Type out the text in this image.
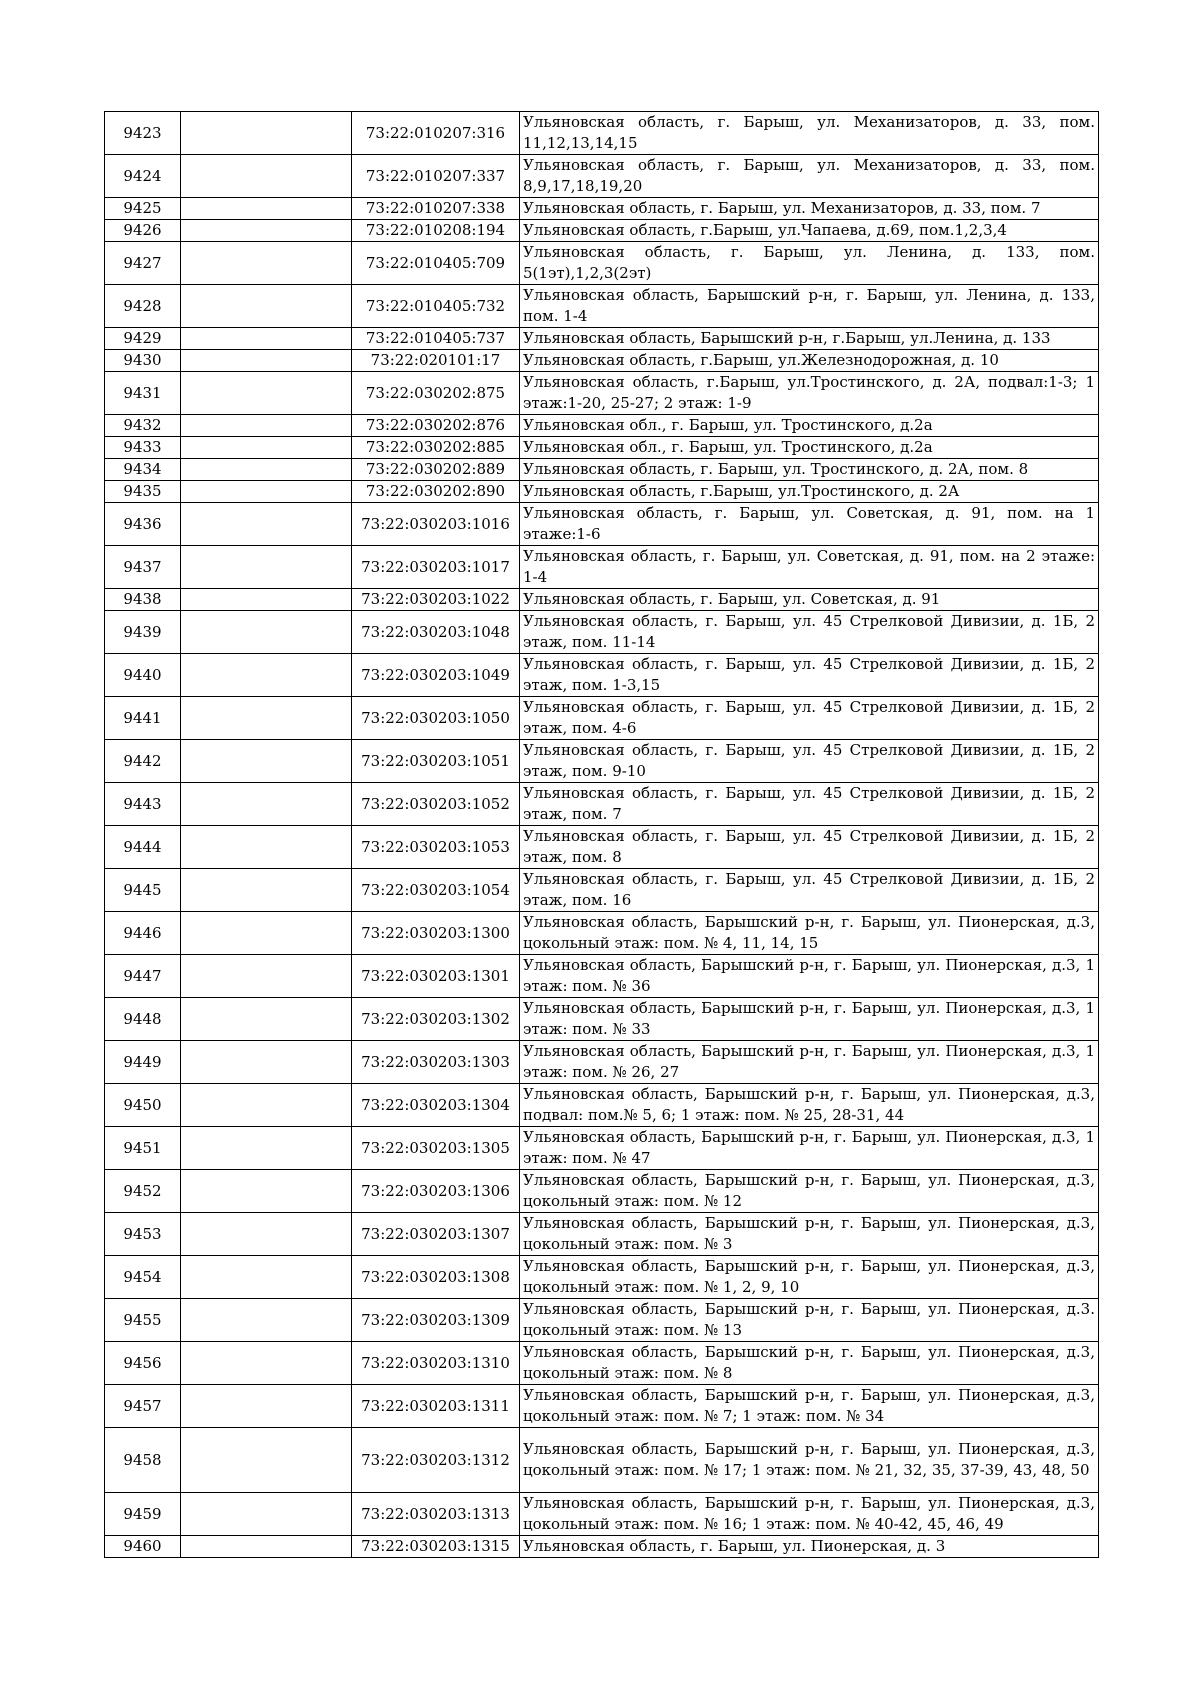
9423		73:22:010207:316	Ульяновская область, г. Барыш, ул. Механизаторов, д. 33, пом. 11,12,13,14,15
9424		73:22:010207:337	Ульяновская область, г. Барыш, ул. Механизаторов, д. 33, пом. 8,9,17,18,19,20
9425		73:22:010207:338	Ульяновская область, г. Барыш, ул. Механизаторов, д. 33, пом. 7
9426		73:22:010208:194	Ульяновская область, г.Барыш, ул.Чапаева, д.69, пом.1,2,3,4
9427		73:22:010405:709	Ульяновская область, г. Барыш, ул. Ленина, д. 133, пом. 5(1эт),1,2,3(2эт)
9428		73:22:010405:732	Ульяновская область, Барышский р-н, г. Барыш, ул. Ленина, д. 133, пом. 1-4
9429		73:22:010405:737	Ульяновская область, Барышский р-н, г.Барыш, ул.Ленина, д. 133
9430		73:22:020101:17	Ульяновская область, г.Барыш, ул.Железнодорожная, д. 10
9431		73:22:030202:875	Ульяновская область, г.Барыш, ул.Тростинского, д. 2А, подвал:1-3; 1 этаж:1-20, 25-27; 2 этаж: 1-9
9432		73:22:030202:876	Ульяновская обл., г. Барыш, ул. Тростинского, д.2а
9433		73:22:030202:885	Ульяновская обл., г. Барыш, ул. Тростинского, д.2а
9434		73:22:030202:889	Ульяновская область, г. Барыш, ул. Тростинского, д. 2А, пом. 8
9435		73:22:030202:890	Ульяновская область, г.Барыш, ул.Тростинского, д. 2А
9436		73:22:030203:1016	Ульяновская область, г. Барыш, ул. Советская, д. 91, пом. на 1 этаже:1-6
9437		73:22:030203:1017	Ульяновская область, г. Барыш, ул. Советская, д. 91, пом. на 2 этаже: 1-4
9438		73:22:030203:1022	Ульяновская область, г. Барыш, ул. Советская, д. 91
9439		73:22:030203:1048	Ульяновская область, г. Барыш, ул. 45 Стрелковой Дивизии, д. 1Б, 2 этаж, пом. 11-14
9440		73:22:030203:1049	Ульяновская область, г. Барыш, ул. 45 Стрелковой Дивизии, д. 1Б, 2 этаж, пом. 1-3,15
9441		73:22:030203:1050	Ульяновская область, г. Барыш, ул. 45 Стрелковой Дивизии, д. 1Б, 2 этаж, пом. 4-6
9442		73:22:030203:1051	Ульяновская область, г. Барыш, ул. 45 Стрелковой Дивизии, д. 1Б, 2 этаж, пом. 9-10
9443		73:22:030203:1052	Ульяновская область, г. Барыш, ул. 45 Стрелковой Дивизии, д. 1Б, 2 этаж, пом. 7
9444		73:22:030203:1053	Ульяновская область, г. Барыш, ул. 45 Стрелковой Дивизии, д. 1Б, 2 этаж, пом. 8
9445		73:22:030203:1054	Ульяновская область, г. Барыш, ул. 45 Стрелковой Дивизии, д. 1Б, 2 этаж, пом. 16
9446		73:22:030203:1300	Ульяновская область, Барышский р-н, г. Барыш, ул. Пионерская, д.3, цокольный этаж: пом. № 4, 11, 14, 15
9447		73:22:030203:1301	Ульяновская область, Барышский р-н, г. Барыш, ул. Пионерская, д.3, 1 этаж: пом. № 36
9448		73:22:030203:1302	Ульяновская область, Барышский р-н, г. Барыш, ул. Пионерская, д.3, 1 этаж: пом. № 33
9449		73:22:030203:1303	Ульяновская область, Барышский р-н, г. Барыш, ул. Пионерская, д.3, 1 этаж: пом. № 26, 27
9450		73:22:030203:1304	Ульяновская область, Барышский р-н, г. Барыш, ул. Пионерская, д.3, подвал: пом.№ 5, 6; 1 этаж: пом. № 25, 28-31, 44
9451		73:22:030203:1305	Ульяновская область, Барышский р-н, г. Барыш, ул. Пионерская, д.3, 1 этаж: пом. № 47
9452		73:22:030203:1306	Ульяновская область, Барышский р-н, г. Барыш, ул. Пионерская, д.3, цокольный этаж: пом. № 12
9453		73:22:030203:1307	Ульяновская область, Барышский р-н, г. Барыш, ул. Пионерская, д.3, цокольный этаж: пом. № 3
9454		73:22:030203:1308	Ульяновская область, Барышский р-н, г. Барыш, ул. Пионерская, д.3, цокольный этаж: пом. № 1, 2, 9, 10
9455		73:22:030203:1309	Ульяновская область, Барышский р-н, г. Барыш, ул. Пионерская, д.3. цокольный этаж: пом. № 13
9456		73:22:030203:1310	Ульяновская область, Барышский р-н, г. Барыш, ул. Пионерская, д.3, цокольный этаж: пом. № 8
9457		73:22:030203:1311	Ульяновская область, Барышский р-н, г. Барыш, ул. Пионерская, д.3, цокольный этаж: пом. № 7; 1 этаж: пом. № 34
9458		73:22:030203:1312	Ульяновская область, Барышский р-н, г. Барыш, ул. Пионерская, д.3, цокольный этаж: пом. № 17; 1 этаж: пом. № 21, 32, 35, 37-39, 43, 48, 50
9459		73:22:030203:1313	Ульяновская область, Барышский р-н, г. Барыш, ул. Пионерская, д.3, цокольный этаж: пом. № 16; 1 этаж: пом. № 40-42, 45, 46, 49
9460		73:22:030203:1315	Ульяновская область, г. Барыш, ул. Пионерская, д. 3
